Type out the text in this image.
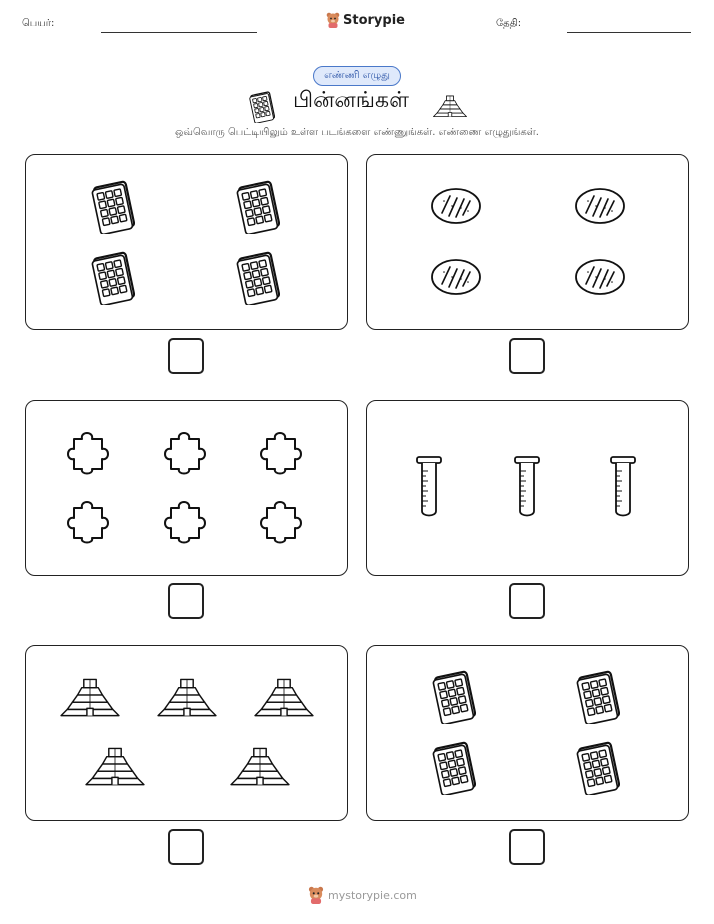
பெயர்:	Storypie	தேதி:
எண்ணி எழுது
பின்னங்கள்
ஒவ்வொரு பெட்டியிலும் உள்ள படங்களை எண்ணுங்கள். எண்ணை எழுதுங்கள்.
mystorypie.com
